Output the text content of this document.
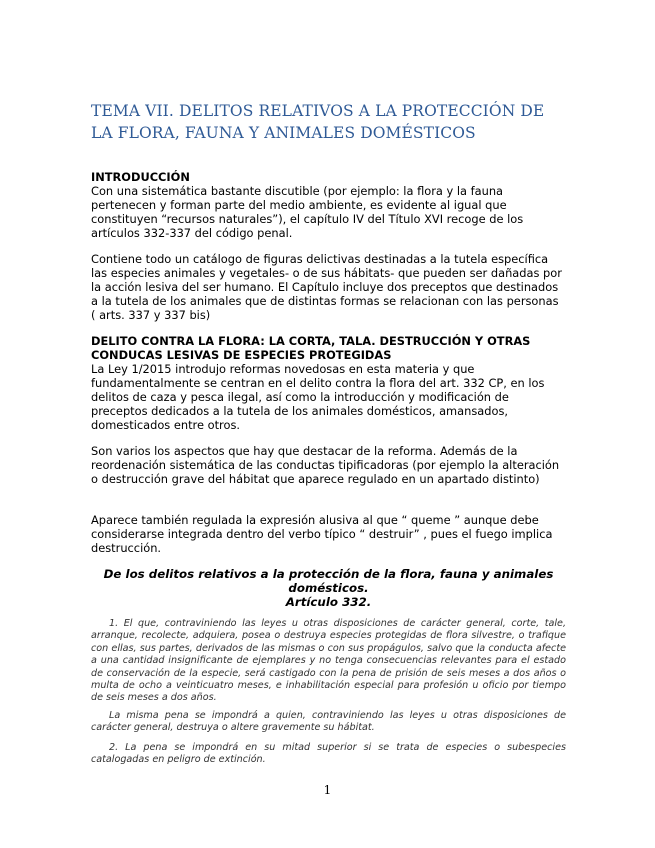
TEMA VII. DELITOS RELATIVOS A LA PROTECCIÓN DE LA FLORA, FAUNA Y ANIMALES DOMÉSTICOS
INTRODUCCIÓN

Con una sistemática bastante discutible (por ejemplo: la flora y la fauna pertenecen y forman parte del medio ambiente, es evidente al igual que constituyen “recursos naturales”), el capítulo IV del Título XVI recoge de los artículos 332-337 del código penal.

Contiene todo un catálogo de figuras delictivas destinadas a la tutela específica las especies animales y vegetales- o de sus hábitats- que pueden ser dañadas por la acción lesiva del ser humano. El Capítulo incluye dos preceptos que destinados a la tutela de los animales que de distintas formas se relacionan con las personas ( arts. 337 y 337 bis)

DELITO CONTRA LA FLORA: LA CORTA, TALA. DESTRUCCIÓN Y OTRAS CONDUCAS LESIVAS DE ESPECIES PROTEGIDAS

La Ley 1/2015 introdujo reformas novedosas en esta materia y que fundamentalmente se centran en el delito contra la flora del art. 332 CP, en los delitos de caza y pesca ilegal, así como la introducción y modificación de preceptos dedicados a la tutela de los animales domésticos, amansados, domesticados entre otros.

Son varios los aspectos que hay que destacar de la reforma. Además de la reordenación sistemática de las conductas tipificadoras (por ejemplo la alteración o destrucción grave del hábitat que aparece regulado en un apartado distinto)

Aparece también regulada la expresión alusiva al que “ queme ” aunque debe considerarse integrada dentro del verbo típico “ destruir” , pues el fuego implica destrucción.

De los delitos relativos a la protección de la flora, fauna y animales domésticos.
Artículo 332.
1. El que, contraviniendo las leyes u otras disposiciones de carácter general, corte, tale, arranque, recolecte, adquiera, posea o destruya especies protegidas de flora silvestre, o trafique con ellas, sus partes, derivados de las mismas o con sus propágulos, salvo que la conducta afecte a una cantidad insignificante de ejemplares y no tenga consecuencias relevantes para el estado de conservación de la especie, será castigado con la pena de prisión de seis meses a dos años o multa de ocho a veinticuatro meses, e inhabilitación especial para profesión u oficio por tiempo de seis meses a dos años.
La misma pena se impondrá a quien, contraviniendo las leyes u otras disposiciones de carácter general, destruya o altere gravemente su hábitat.
2. La pena se impondrá en su mitad superior si se trata de especies o subespecies catalogadas en peligro de extinción.
1
